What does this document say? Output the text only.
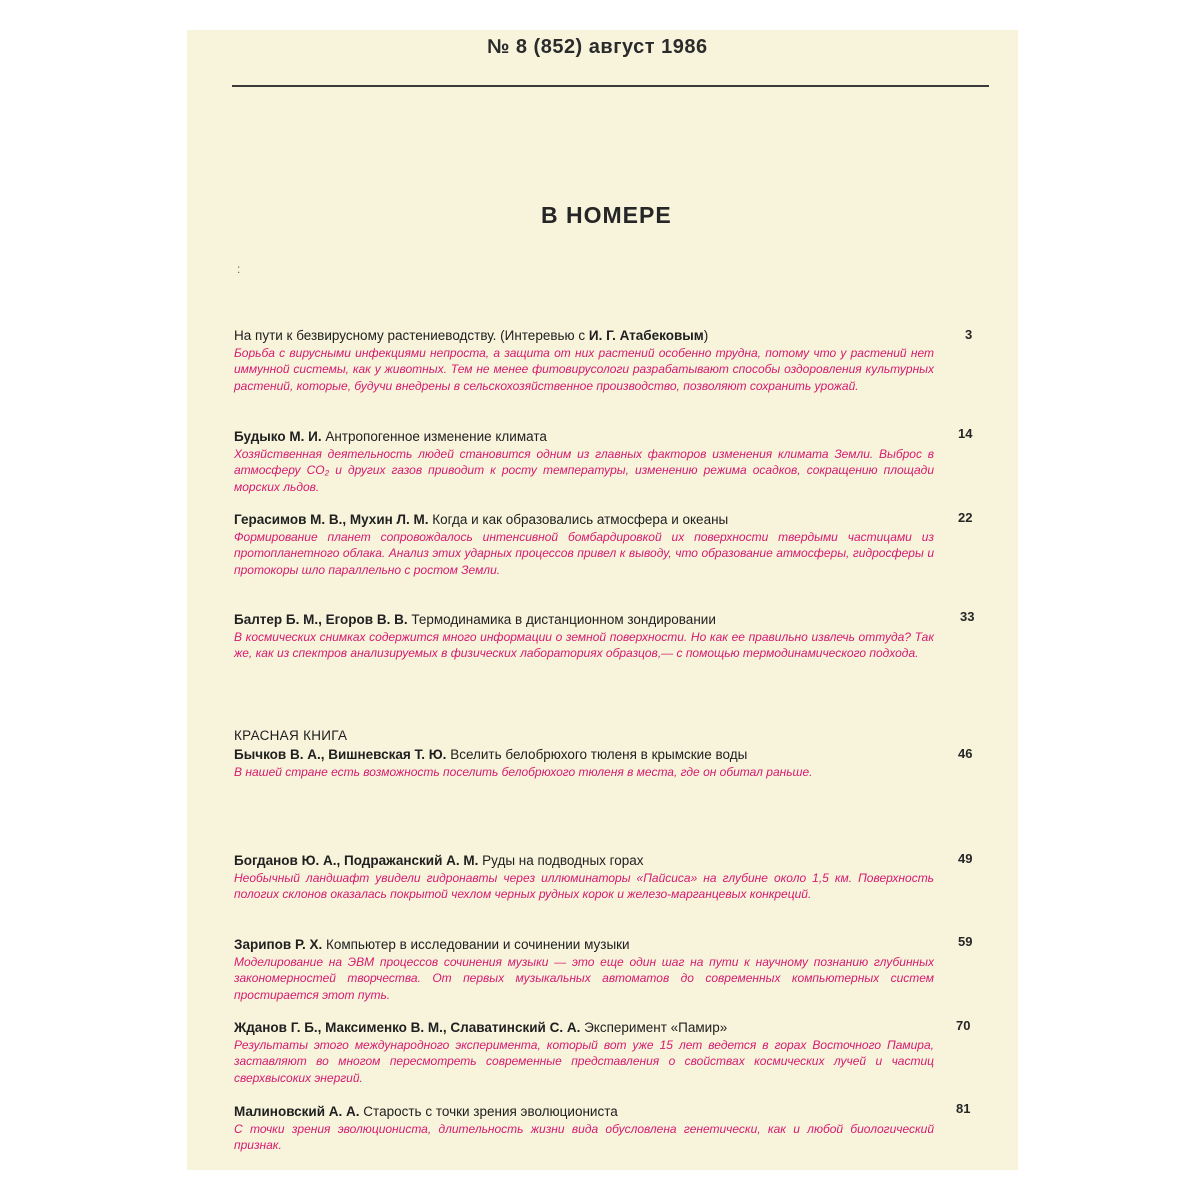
№ 8 (852) август 1986
В НОМЕРЕ
:
На пути к безвирусному растениеводству. (Интеревью с И. Г. Атабековым)
Борьба с вирусными инфекциями непроста, а защита от них растений особенно трудна, потому что у растений нет иммунной системы, как у животных. Тем не менее фитовирусологи разрабатывают способы оздоровления культурных растений, которые, будучи внедрены в сельскохозяйственное производство, позволяют сохранить урожай.
3
Будыко М. И. Антропогенное изменение климата
Хозяйственная деятельность людей становится одним из главных факторов изменения климата Земли. Выброс в атмосферу CO₂ и других газов приводит к росту температуры, изменению режима осадков, сокращению площади морских льдов.
14
Герасимов М. В., Мухин Л. М. Когда и как образовались атмосфера и океаны
Формирование планет сопровождалось интенсивной бомбардировкой их поверхности твердыми частицами из протопланетного облака. Анализ этих ударных процессов привел к выводу, что образование атмосферы, гидросферы и протокоры шло параллельно с ростом Земли.
22
Балтер Б. М., Егоров В. В. Термодинамика в дистанционном зондировании
В космических снимках содержится много информации о земной поверхности. Но как ее правильно извлечь оттуда? Так же, как из спектров анализируемых в физических лабораториях образцов,— с помощью термодинамического подхода.
33
КРАСНАЯ КНИГА
Бычков В. А., Вишневская Т. Ю. Вселить белобрюхого тюленя в крымские воды
В нашей стране есть возможность поселить белобрюхого тюленя в места, где он обитал раньше.
46
Богданов Ю. А., Подражанский А. М. Руды на подводных горах
Необычный ландшафт увидели гидронавты через иллюминаторы «Пайсиса» на глубине около 1,5 км. Поверхность пологих склонов оказалась покрытой чехлом черных рудных корок и железо-марганцевых конкреций.
49
Зарипов Р. Х. Компьютер в исследовании и сочинении музыки
Моделирование на ЭВМ процессов сочинения музыки — это еще один шаг на пути к научному познанию глубинных закономерностей творчества. От первых музыкальных автоматов до современных компьютерных систем простирается этот путь.
59
Жданов Г. Б., Максименко В. М., Славатинский С. А. Эксперимент «Памир»
Результаты этого международного эксперимента, который вот уже 15 лет ведется в горах Восточного Памира, заставляют во многом пересмотреть современные представления о свойствах космических лучей и частиц сверхвысоких энергий.
70
Малиновский А. А. Старость с точки зрения эволюциониста
С точки зрения эволюциониста, длительность жизни вида обусловлена генетически, как и любой биологический признак.
81
